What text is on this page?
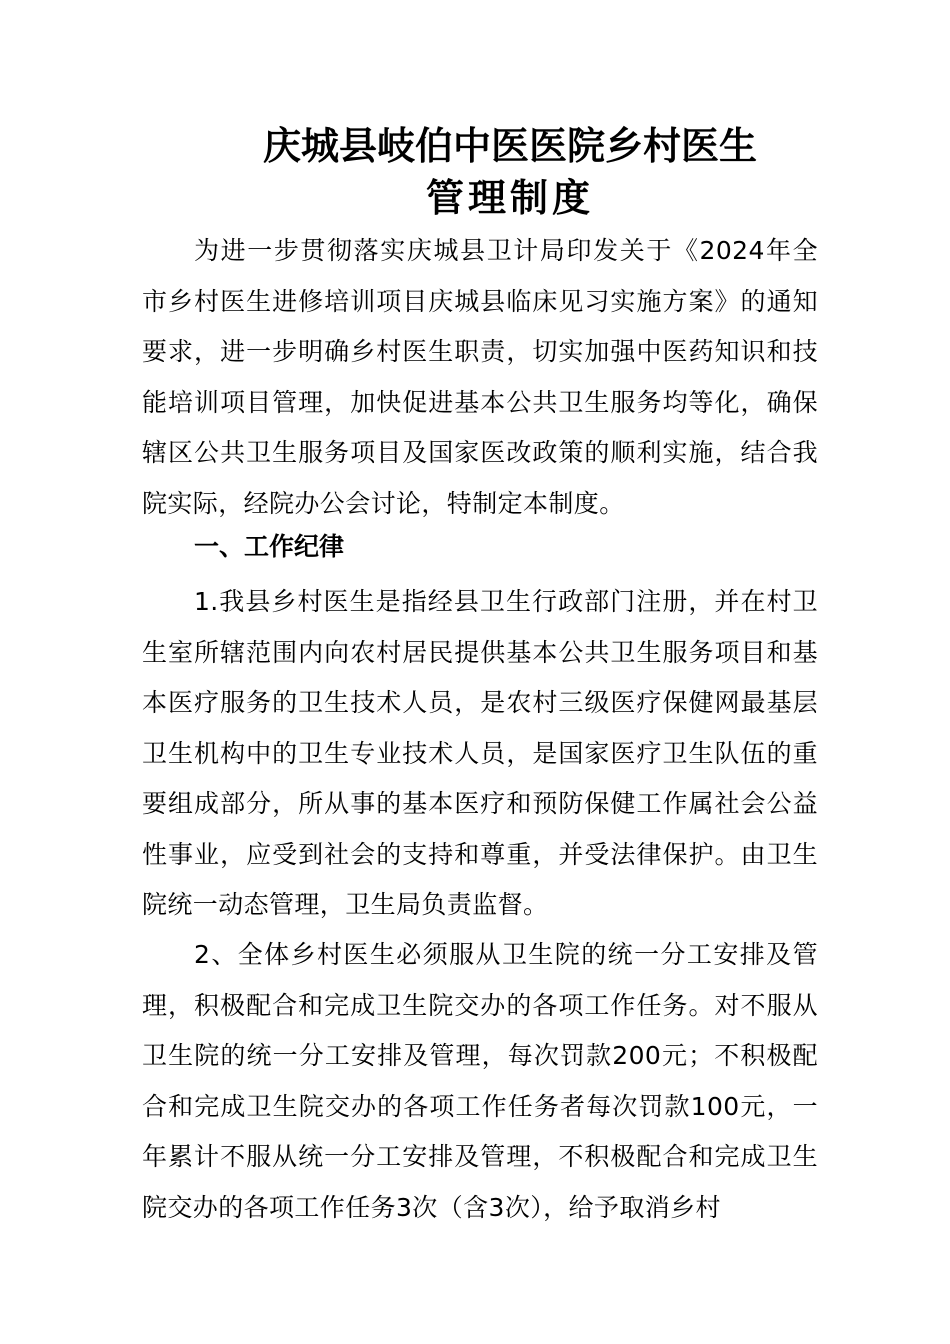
庆城县岐伯中医医院乡村医生
管理制度

为进一步贯彻落实庆城县卫计局印发关于《2024年全市乡村医生进修培训项目庆城县临床见习实施方案》的通知要求，进一步明确乡村医生职责，切实加强中医药知识和技能培训项目管理，加快促进基本公共卫生服务均等化，确保辖区公共卫生服务项目及国家医改政策的顺利实施，结合我院实际，经院办公会讨论，特制定本制度。

一、工作纪律

1.我县乡村医生是指经县卫生行政部门注册，并在村卫生室所辖范围内向农村居民提供基本公共卫生服务项目和基本医疗服务的卫生技术人员，是农村三级医疗保健网最基层卫生机构中的卫生专业技术人员，是国家医疗卫生队伍的重要组成部分，所从事的基本医疗和预防保健工作属社会公益性事业，应受到社会的支持和尊重，并受法律保护。由卫生院统一动态管理，卫生局负责监督。

2、全体乡村医生必须服从卫生院的统一分工安排及管理，积极配合和完成卫生院交办的各项工作任务。对不服从卫生院的统一分工安排及管理，每次罚款200元；不积极配合和完成卫生院交办的各项工作任务者每次罚款100元，一年累计不服从统一分工安排及管理，不积极配合和完成卫生院交办的各项工作任务3次（含3次），给予取消乡村
